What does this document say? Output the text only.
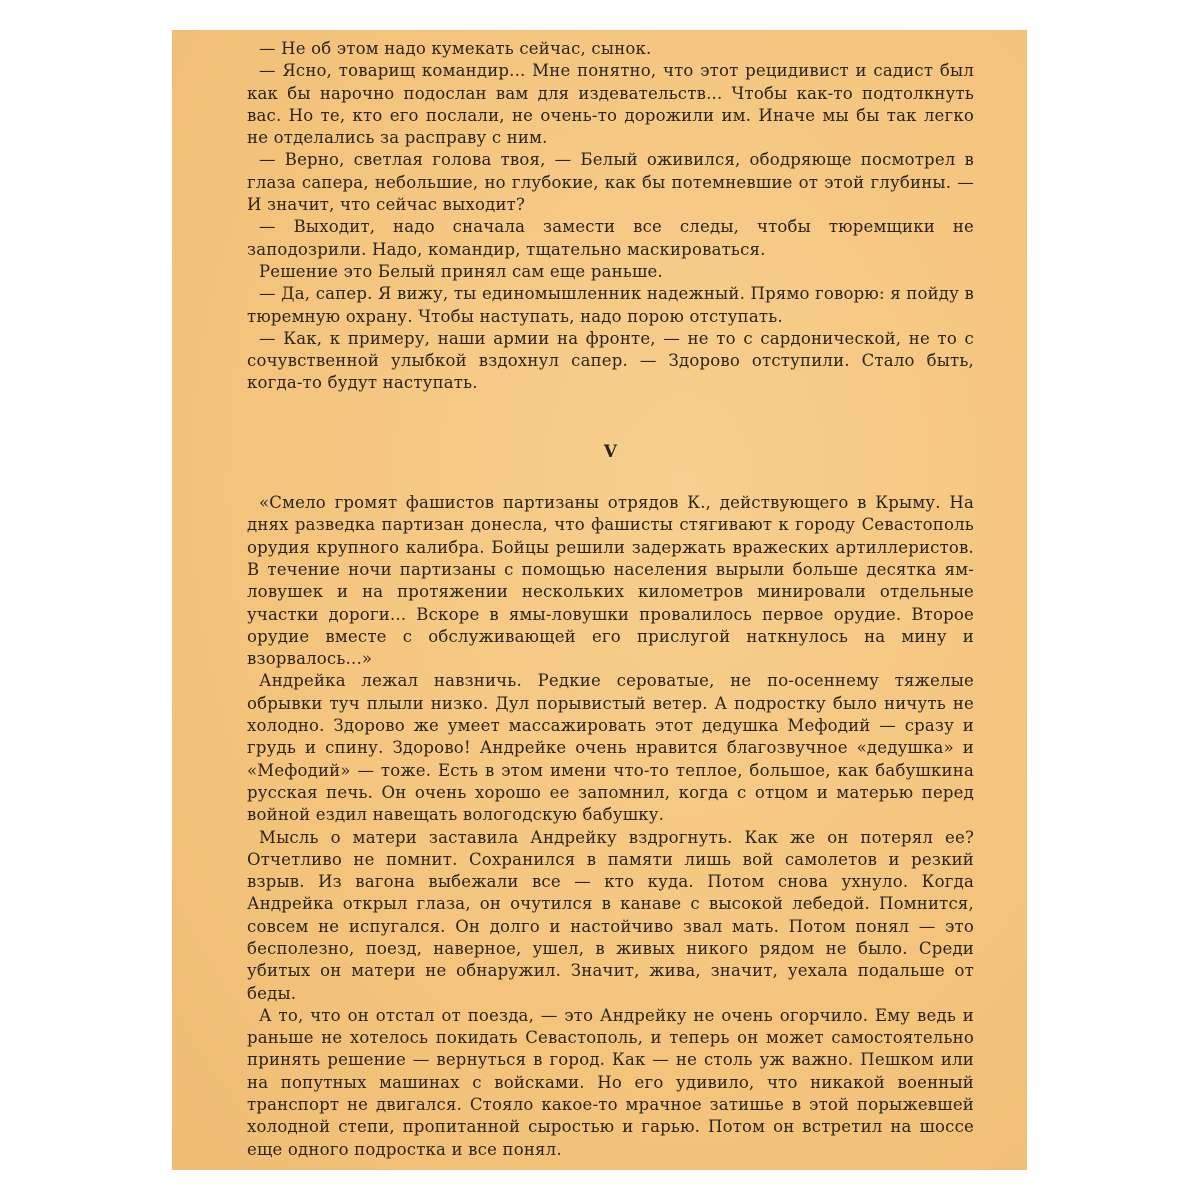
— Не об этом надо кумекать сейчас, сынок.

— Ясно, товарищ командир... Мне понятно, что этот рецидивист и садист был как бы нарочно подослан вам для издевательств... Чтобы как-то подтолкнуть вас. Но те, кто его послали, не очень-то дорожили им. Иначе мы бы так легко не отделались за расправу с ним.

— Верно, светлая голова твоя, — Белый оживился, ободряюще посмотрел в глаза сапера, небольшие, но глубокие, как бы потемневшие от этой глубины. — И значит, что сейчас выходит?

— Выходит, надо сначала замести все следы, чтобы тюремщики не заподозрили. Надо, командир, тщательно маскироваться.

Решение это Белый принял сам еще раньше.

— Да, сапер. Я вижу, ты единомышленник надежный. Прямо говорю: я пойду в тюремную охрану. Чтобы наступать, надо порою отступать.

— Как, к примеру, наши армии на фронте, — не то с сардонической, не то с сочувственной улыбкой вздохнул сапер. — Здорово отступили. Стало быть, когда-то будут наступать.

V

«Смело громят фашистов партизаны отрядов К., действующего в Крыму. На днях разведка партизан донесла, что фашисты стягивают к городу Севастополь орудия крупного калибра. Бойцы решили задержать вражеских артиллеристов. В течение ночи партизаны с помощью населения вырыли больше десятка ям-ловушек и на протяжении нескольких километров минировали отдельные участки дороги... Вскоре в ямы-ловушки провалилось первое орудие. Второе орудие вместе с обслуживающей его прислугой наткнулось на мину и взорвалось...»

Андрейка лежал навзничь. Редкие сероватые, не по-осеннему тяжелые обрывки туч плыли низко. Дул порывистый ветер. А подростку было ничуть не холодно. Здорово же умеет массажировать этот дедушка Мефодий — сразу и грудь и спину. Здорово! Андрейке очень нравится благозвучное «дедушка» и «Мефодий» — тоже. Есть в этом имени что-то теплое, большое, как бабушкина русская печь. Он очень хорошо ее запомнил, когда с отцом и матерью перед войной ездил навещать вологодскую бабушку.

Мысль о матери заставила Андрейку вздрогнуть. Как же он потерял ее? Отчетливо не помнит. Сохранился в памяти лишь вой самолетов и резкий взрыв. Из вагона выбежали все — кто куда. Потом снова ухнуло. Когда Андрейка открыл глаза, он очутился в канаве с высокой лебедой. Помнится, совсем не испугался. Он долго и настойчиво звал мать. Потом понял — это бесполезно, поезд, наверное, ушел, в живых никого рядом не было. Среди убитых он матери не обнаружил. Значит, жива, значит, уехала подальше от беды.

А то, что он отстал от поезда, — это Андрейку не очень огорчило. Ему ведь и раньше не хотелось покидать Севастополь, и теперь он может самостоятельно принять решение — вернуться в город. Как — не столь уж важно. Пешком или на попутных машинах с войсками. Но его удивило, что никакой военный транспорт не двигался. Стояло какое-то мрачное затишье в этой порыжевшей холодной степи, пропитанной сыростью и гарью. Потом он встретил на шоссе еще одного подростка и все понял.
